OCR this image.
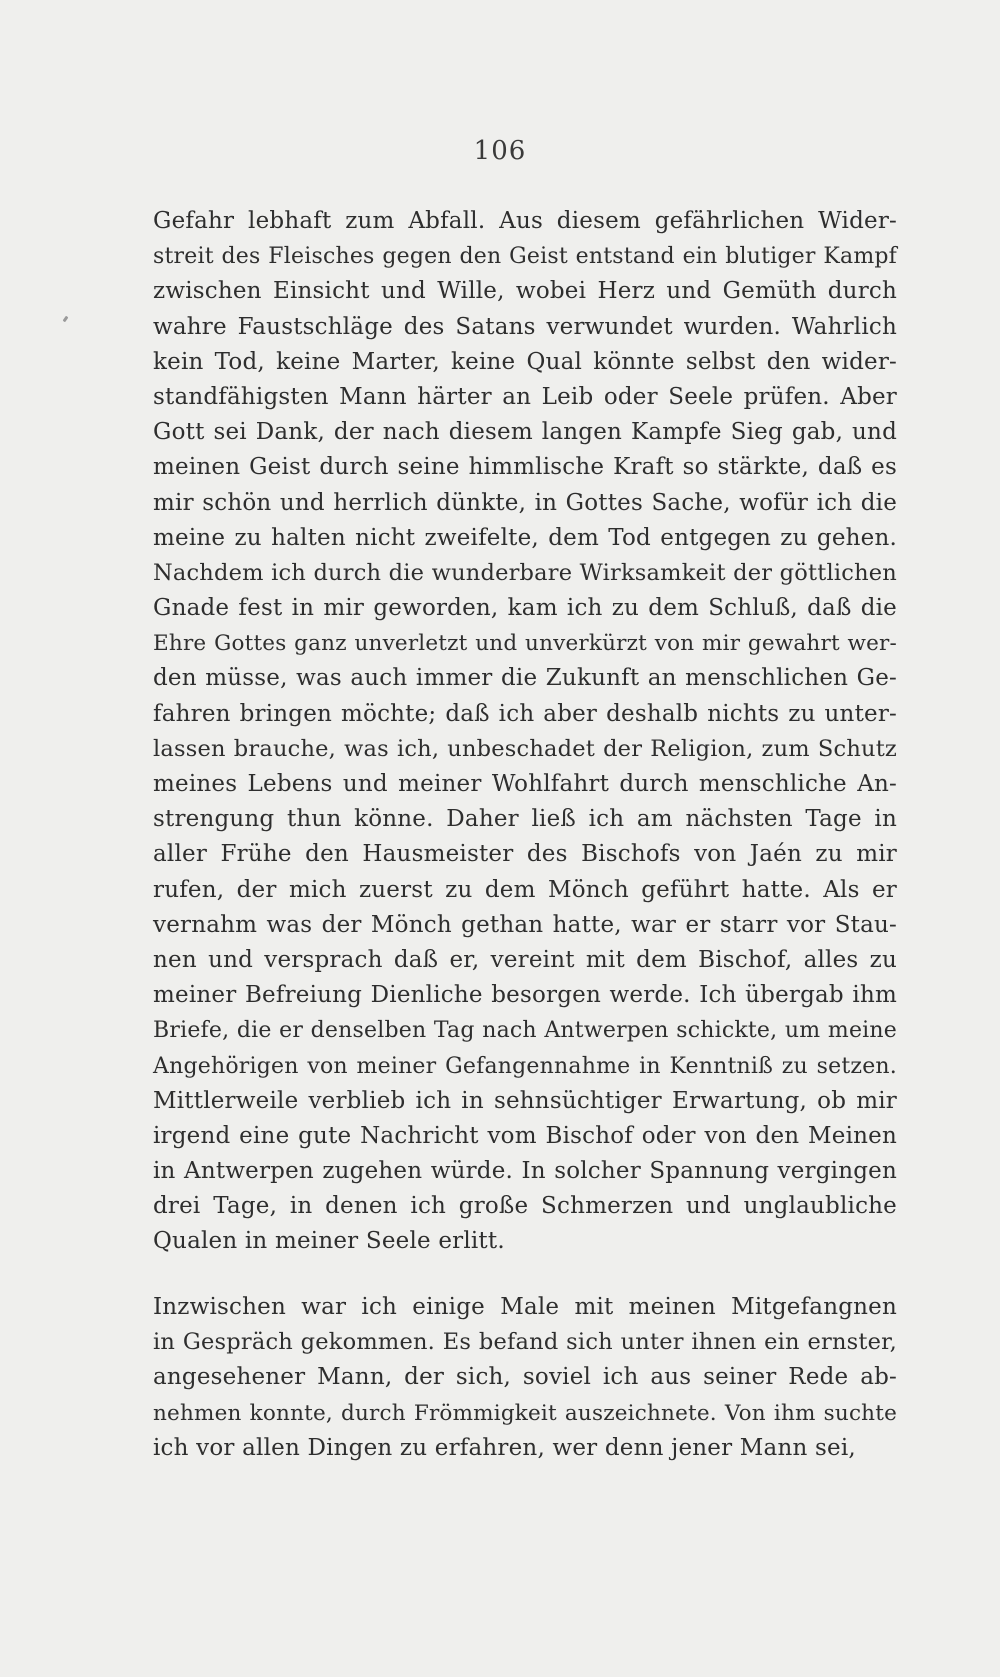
106
Gefahr lebhaft zum Abfall. Aus diesem gefährlichen Wider-
streit des Fleisches gegen den Geist entstand ein blutiger Kampf
zwischen Einsicht und Wille, wobei Herz und Gemüth durch
wahre Faustschläge des Satans verwundet wurden. Wahrlich
kein Tod, keine Marter, keine Qual könnte selbst den wider-
standfähigsten Mann härter an Leib oder Seele prüfen. Aber
Gott sei Dank, der nach diesem langen Kampfe Sieg gab, und
meinen Geist durch seine himmlische Kraft so stärkte, daß es
mir schön und herrlich dünkte, in Gottes Sache, wofür ich die
meine zu halten nicht zweifelte, dem Tod entgegen zu gehen.
Nachdem ich durch die wunderbare Wirksamkeit der göttlichen
Gnade fest in mir geworden, kam ich zu dem Schluß, daß die
Ehre Gottes ganz unverletzt und unverkürzt von mir gewahrt wer-
den müsse, was auch immer die Zukunft an menschlichen Ge-
fahren bringen möchte; daß ich aber deshalb nichts zu unter-
lassen brauche, was ich, unbeschadet der Religion, zum Schutz
meines Lebens und meiner Wohlfahrt durch menschliche An-
strengung thun könne. Daher ließ ich am nächsten Tage in
aller Frühe den Hausmeister des Bischofs von Jaén zu mir
rufen, der mich zuerst zu dem Mönch geführt hatte. Als er
vernahm was der Mönch gethan hatte, war er starr vor Stau-
nen und versprach daß er, vereint mit dem Bischof, alles zu
meiner Befreiung Dienliche besorgen werde. Ich übergab ihm
Briefe, die er denselben Tag nach Antwerpen schickte, um meine
Angehörigen von meiner Gefangennahme in Kenntniß zu setzen.
Mittlerweile verblieb ich in sehnsüchtiger Erwartung, ob mir
irgend eine gute Nachricht vom Bischof oder von den Meinen
in Antwerpen zugehen würde. In solcher Spannung vergingen
drei Tage, in denen ich große Schmerzen und unglaubliche
Qualen in meiner Seele erlitt.
Inzwischen war ich einige Male mit meinen Mitgefangnen
in Gespräch gekommen. Es befand sich unter ihnen ein ernster,
angesehener Mann, der sich, soviel ich aus seiner Rede ab-
nehmen konnte, durch Frömmigkeit auszeichnete. Von ihm suchte
ich vor allen Dingen zu erfahren, wer denn jener Mann sei,
